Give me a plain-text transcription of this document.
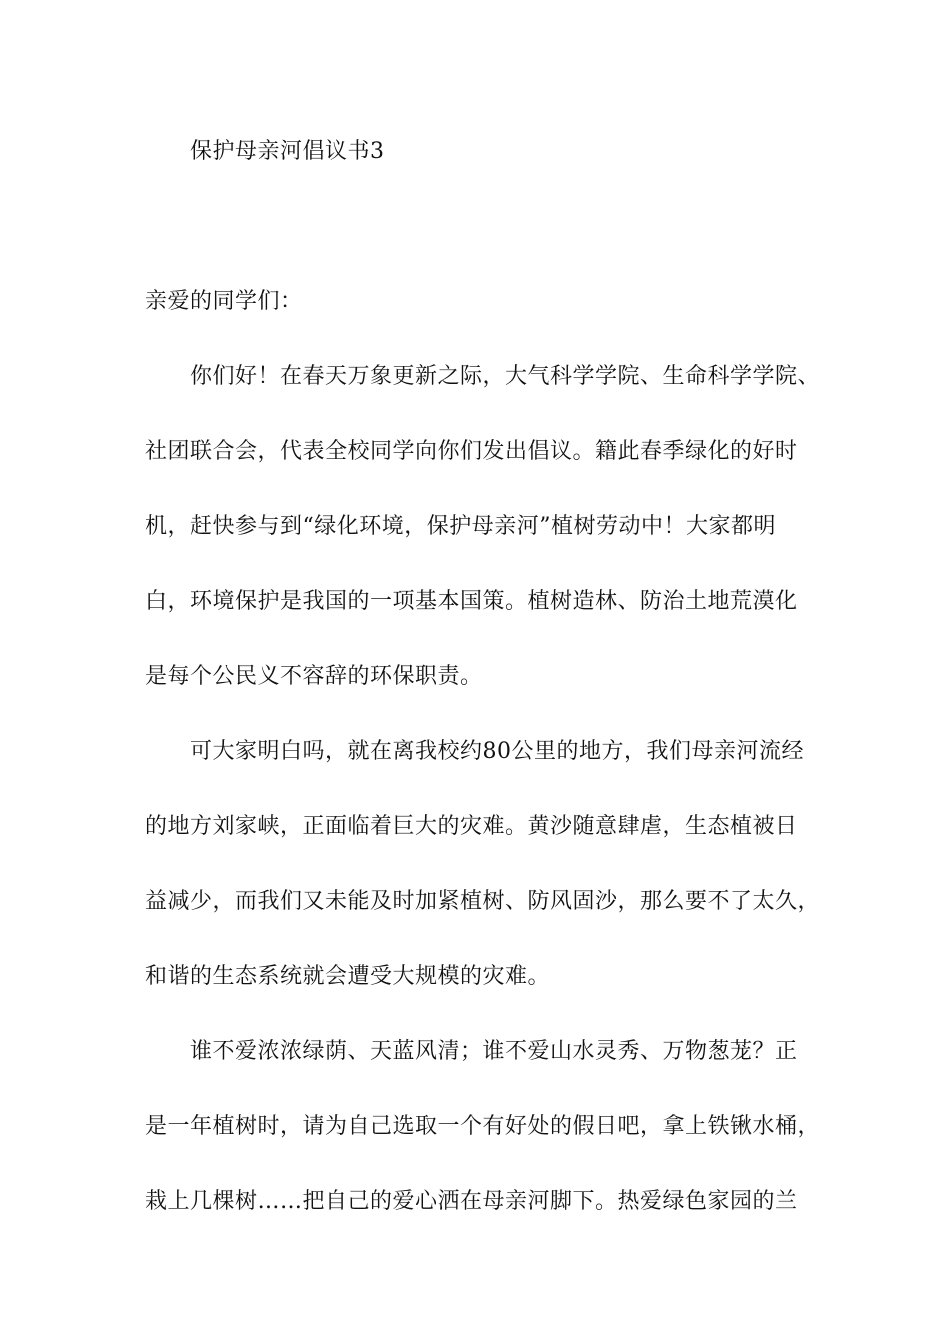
保护母亲河倡议书3
亲爱的同学们：
你们好！在春天万象更新之际，大气科学学院、生命科学学院、
社团联合会，代表全校同学向你们发出倡议。籍此春季绿化的好时
机，赶快参与到“绿化环境，保护母亲河”植树劳动中！大家都明
白，环境保护是我国的一项基本国策。植树造林、防治土地荒漠化
是每个公民义不容辞的环保职责。
可大家明白吗，就在离我校约80公里的地方，我们母亲河流经
的地方刘家峡，正面临着巨大的灾难。黄沙随意肆虐，生态植被日
益减少，而我们又未能及时加紧植树、防风固沙，那么要不了太久，
和谐的生态系统就会遭受大规模的灾难。
谁不爱浓浓绿荫、天蓝风清；谁不爱山水灵秀、万物葱茏？正
是一年植树时，请为自己选取一个有好处的假日吧，拿上铁锹水桶，
栽上几棵树……把自己的爱心洒在母亲河脚下。热爱绿色家园的兰
